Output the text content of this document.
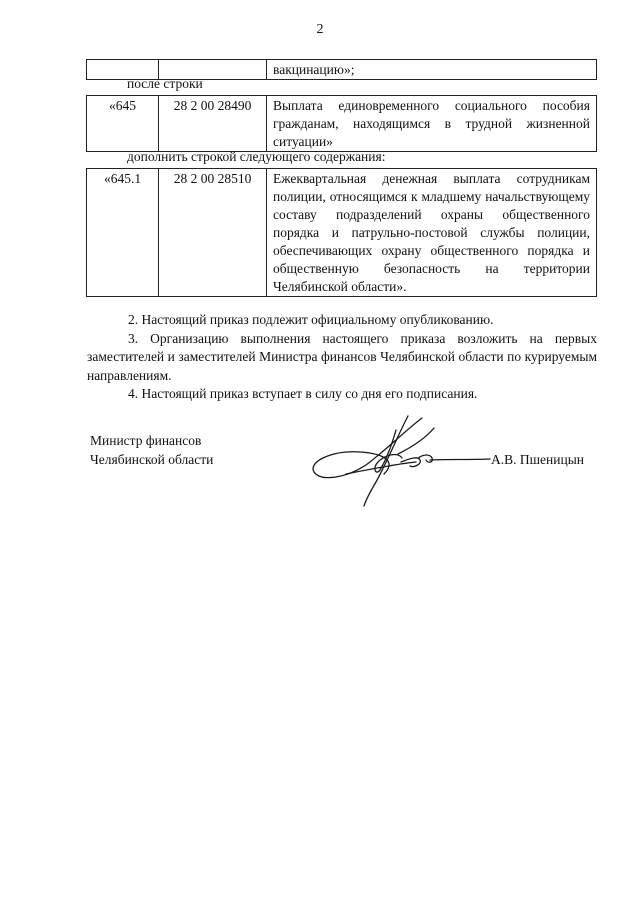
2
		вакцинацию»;
после строки
«645	28 2 00 28490	Выплата единовременного социального пособия гражданам, находящимся в трудной жизненной ситуации»
дополнить строкой следующего содержания:
«645.1	28 2 00 28510	Ежеквартальная денежная выплата сотрудникам полиции, относящимся к младшему начальствующему составу подразделений охраны общественного порядка и патрульно-постовой службы полиции, обеспечивающих охрану общественного порядка и общественную безопасность на территории Челябинской области».

2. Настоящий приказ подлежит официальному опубликованию.

3. Организацию выполнения настоящего приказа возложить на первых заместителей и заместителей Министра финансов Челябинской области по курируемым направлениям.

4. Настоящий приказ вступает в силу со дня его подписания.

Министр финансов
Челябинской области	А.В. Пшеницын
